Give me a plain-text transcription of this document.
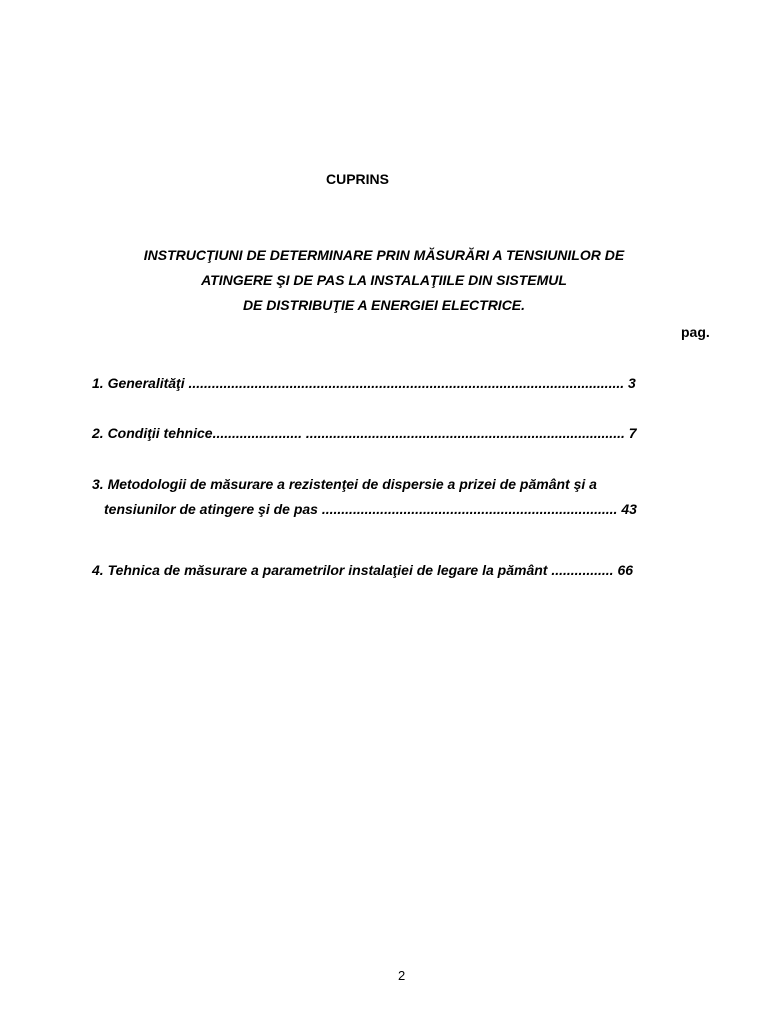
CUPRINS
INSTRUCŢIUNI DE DETERMINARE PRIN MĂSURĂRI A TENSIUNILOR DE
ATINGERE ŞI DE PAS LA INSTALAŢIILE DIN SISTEMUL
DE DISTRIBUŢIE A ENERGIEI ELECTRICE.
pag.
1. Generalităţi ................................................................................................................ 3
2. Condiţii tehnice....................... .................................................................................. 7
3. Metodologii de măsurare a rezistenţei de dispersie a prizei de pământ şi a
tensiunilor de atingere şi de pas ............................................................................ 43
4. Tehnica de măsurare a parametrilor instalaţiei de legare la pământ ................ 66
2
